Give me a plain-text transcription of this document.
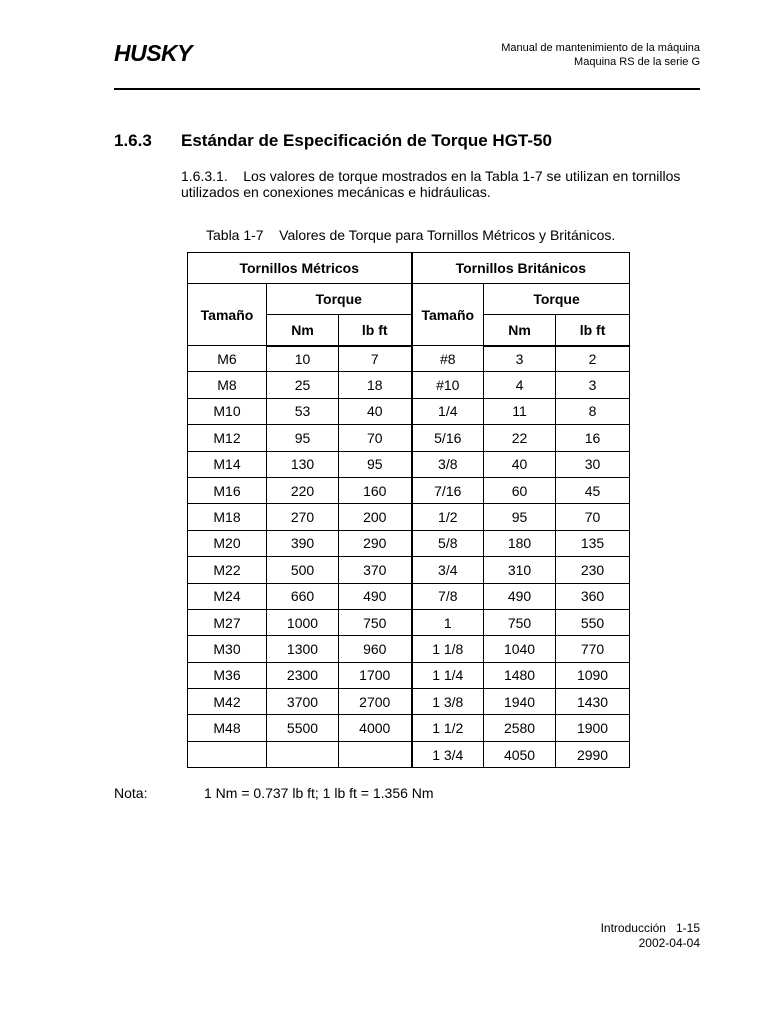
HUSKY	Manual de mantenimiento de la máquina
Maquina RS de la serie G
1.6.3 Estándar de Especificación de Torque HGT-50
1.6.3.1.    Los valores de torque mostrados en la Tabla 1-7 se utilizan en tornillos
utilizados en conexiones mecánicas e hidráulicas.
Tabla 1-7    Valores de Torque para Tornillos Métricos y Británicos.
Tornillos Métricos			Tornillos Británicos		
Tamaño	Torque		Tamaño	Torque	
	Nm	lb ft		Nm	lb ft
M6	10	7	#8	3	2
M8	25	18	#10	4	3
M10	53	40	1/4	11	8
M12	95	70	5/16	22	16
M14	130	95	3/8	40	30
M16	220	160	7/16	60	45
M18	270	200	1/2	95	70
M20	390	290	5/8	180	135
M22	500	370	3/4	310	230
M24	660	490	7/8	490	360
M27	1000	750	1	750	550
M30	1300	960	1 1/8	1040	770
M36	2300	1700	1 1/4	1480	1090
M42	3700	2700	1 3/8	1940	1430
M48	5500	4000	1 1/2	2580	1900
			1 3/4	4050	2990
Nota:	1 Nm = 0.737 lb ft; 1 lb ft = 1.356 Nm
Introducción 1-15
2002-04-04
